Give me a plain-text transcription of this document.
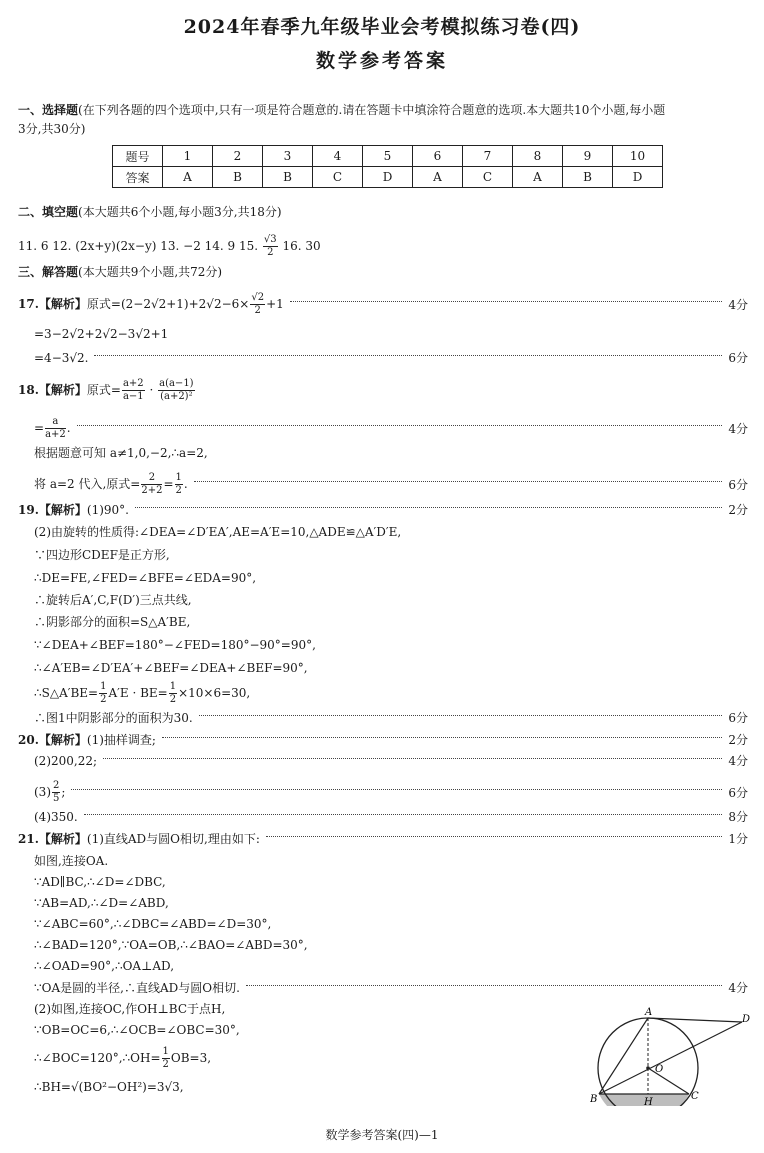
2024年春季九年级毕业会考模拟练习卷(四)
数学参考答案
一、选择题(在下列各题的四个选项中,只有一项是符合题意的.请在答题卡中填涂符合题意的选项.本大题共10个小题,每小题
3分,共30分)
题号	1	2	3	4	5	6	7	8	9	10
答案	A	B	B	C	D	A	C	A	B	D
二、填空题(本大题共6个小题,每小题3分,共18分)
11. 6 12. (2x+y)(2x−y) 13. −2 14. 9 15. $\frac{√3}{2} 16$. 30
三、解答题(本大题共9个小题,共72分)
17.【解析】原式$=(2-2√2+1)+2√2-6\times \frac{√2}{2} +1$	4分
=3−2√2+2√2−3√2+1
=4−3√2.	6分
18.【解析】原式= $\frac{a+2}{a-1} \cdot \frac{a(a-1)}{\text{(a+2)²}}$
= $\frac{a}{a+2}$ .	4分
根据题意可知 a≠1,0,−2,∴a=2,
将 a=2 代入,原式= $\frac{2}{2+2} = \frac{1}{2}$ .	6分
19.【解析】(1)90°.	2分
(2)由旋转的性质得:∠DEA=∠D′EA′,AE=A′E=10,△ADE≌△A′D′E,
∵四边形CDEF是正方形,
∴DE=FE,∠FED=∠BFE=∠EDA=90°,
∴旋转后A′,C,F(D′)三点共线,
∴阴影部分的面积=S△A′BE,
∵∠DEA+∠BEF=180°−∠FED=180°−90°=90°,
∴∠A′EB=∠D′EA′+∠BEF=∠DEA+∠BEF=90°,
∴S△A′BE= $\frac{1}{2} A'E \cdot BE= \frac{1}{2} \times 10\times 6=30$,
∴图1中阴影部分的面积为30.	6分
20.【解析】(1)抽样调查;	2分
(2)200,22;	4分
$(3) \frac{2}{5}$ ;	6分
(4)350.	8分
21.【解析】(1)直线AD与圆O相切,理由如下:	1分
如图,连接OA.
∵AD∥BC,∴∠D=∠DBC,
∵AB=AD,∴∠D=∠ABD,
∵∠ABC=60°,∴∠DBC=∠ABD=∠D=30°,
∴∠BAD=120°,∵OA=OB,∴∠BAO=∠ABD=30°,
∴∠OAD=90°,∴OA⊥AD,
∵OA是圆的半径,∴直线AD与圆O相切.	4分
(2)如图,连接OC,作OH⊥BC于点H,
∵OB=OC=6,∴∠OCB=∠OBC=30°,
∴∠BOC=120°,∴OH= $\frac{1}{2} OB=3$,
∴BH=√(BO²−OH²)=3√3,
A
D
O
B	C
H
数学参考答案(四)—1
